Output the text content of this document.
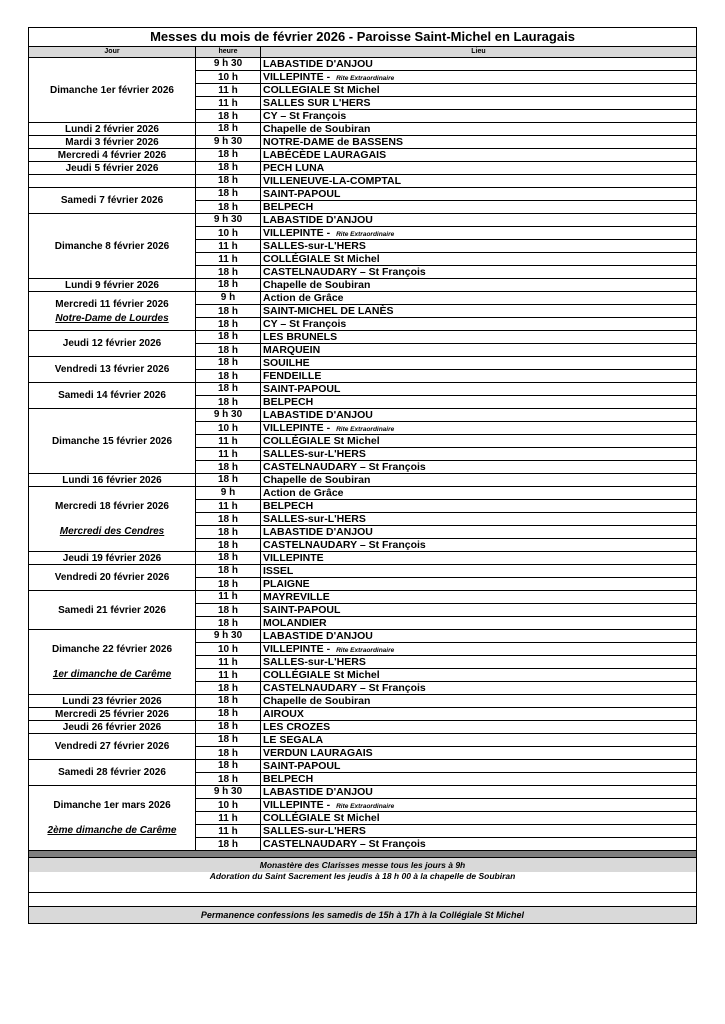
Messes du mois de février 2026 - Paroisse Saint-Michel en Lauragais
Jour	heure	Lieu
Dimanche 1er février 2026
9 h 30	LABASTIDE D'ANJOU
10 h	VILLEPINTE - Rite Extraordinaire
11 h	COLLEGIALE St Michel
11 h	SALLES SUR L'HERS
18 h	CY – St François
Lundi 2 février 2026	18 h	Chapelle de Soubiran
Mardi 3 février 2026	9 h 30	NOTRE-DAME de BASSENS
Mercredi 4 février 2026	18 h	LABÉCÈDE LAURAGAIS
Jeudi 5 février 2026	18 h	PECH LUNA
18 h	VILLENEUVE-LA-COMPTAL
Samedi 7 février 2026
18 h	SAINT-PAPOUL
18 h	BELPECH
Dimanche 8 février 2026
9 h 30	LABASTIDE D'ANJOU
10 h	VILLEPINTE - Rite Extraordinaire
11 h	SALLES-sur-L'HERS
11 h	COLLÉGIALE St Michel
18 h	CASTELNAUDARY – St François
Lundi 9 février 2026	18 h	Chapelle de Soubiran
Mercredi 11 février 2026
Notre-Dame de Lourdes
9 h	Action de Grâce
18 h	SAINT-MICHEL DE LANÈS
18 h	CY – St François
Jeudi 12 février 2026
18 h	LES BRUNELS
18 h	MARQUEIN
Vendredi 13 février 2026
18 h	SOUILHE
18 h	FENDEILLE
Samedi 14 février 2026
18 h	SAINT-PAPOUL
18 h	BELPECH
Dimanche 15 février 2026
9 h 30	LABASTIDE D'ANJOU
10 h	VILLEPINTE - Rite Extraordinaire
11 h	COLLÉGIALE St Michel
11 h	SALLES-sur-L'HERS
18 h	CASTELNAUDARY – St François
Lundi 16 février 2026	18 h	Chapelle de Soubiran
Mercredi 18 février 2026
Mercredi des Cendres
9 h	Action de Grâce
11 h	BELPECH
18 h	SALLES-sur-L'HERS
18 h	LABASTIDE D'ANJOU
18 h	CASTELNAUDARY – St François
Jeudi 19 février 2026	18 h	VILLEPINTE
Vendredi 20 février 2026
18 h	ISSEL
18 h	PLAIGNE
Samedi 21 février 2026
11 h	MAYREVILLE
18 h	SAINT-PAPOUL
18 h	MOLANDIER
Dimanche 22 février 2026
1er dimanche de Carême
9 h 30	LABASTIDE D'ANJOU
10 h	VILLEPINTE - Rite Extraordinaire
11 h	SALLES-sur-L'HERS
11 h	COLLÉGIALE St Michel
18 h	CASTELNAUDARY – St François
Lundi 23 février 2026	18 h	Chapelle de Soubiran
Mercredi 25 février 2026	18 h	AIROUX
Jeudi 26 février 2026	18 h	LES CROZES
Vendredi 27 février 2026
18 h	LE SEGALA
18 h	VERDUN LAURAGAIS
Samedi 28 février 2026
18 h	SAINT-PAPOUL
18 h	BELPECH
Dimanche 1er mars 2026
2ème dimanche de Carême
9 h 30	LABASTIDE D'ANJOU
10 h	VILLEPINTE - Rite Extraordinaire
11 h	COLLÉGIALE St Michel
11 h	SALLES-sur-L'HERS
18 h	CASTELNAUDARY – St François
Monastère des Clarisses messe tous les jours à 9h
Adoration du Saint Sacrement les jeudis à 18 h 00 à la chapelle de Soubiran
Permanence confessions les samedis de 15h à 17h à la Collégiale St Michel
